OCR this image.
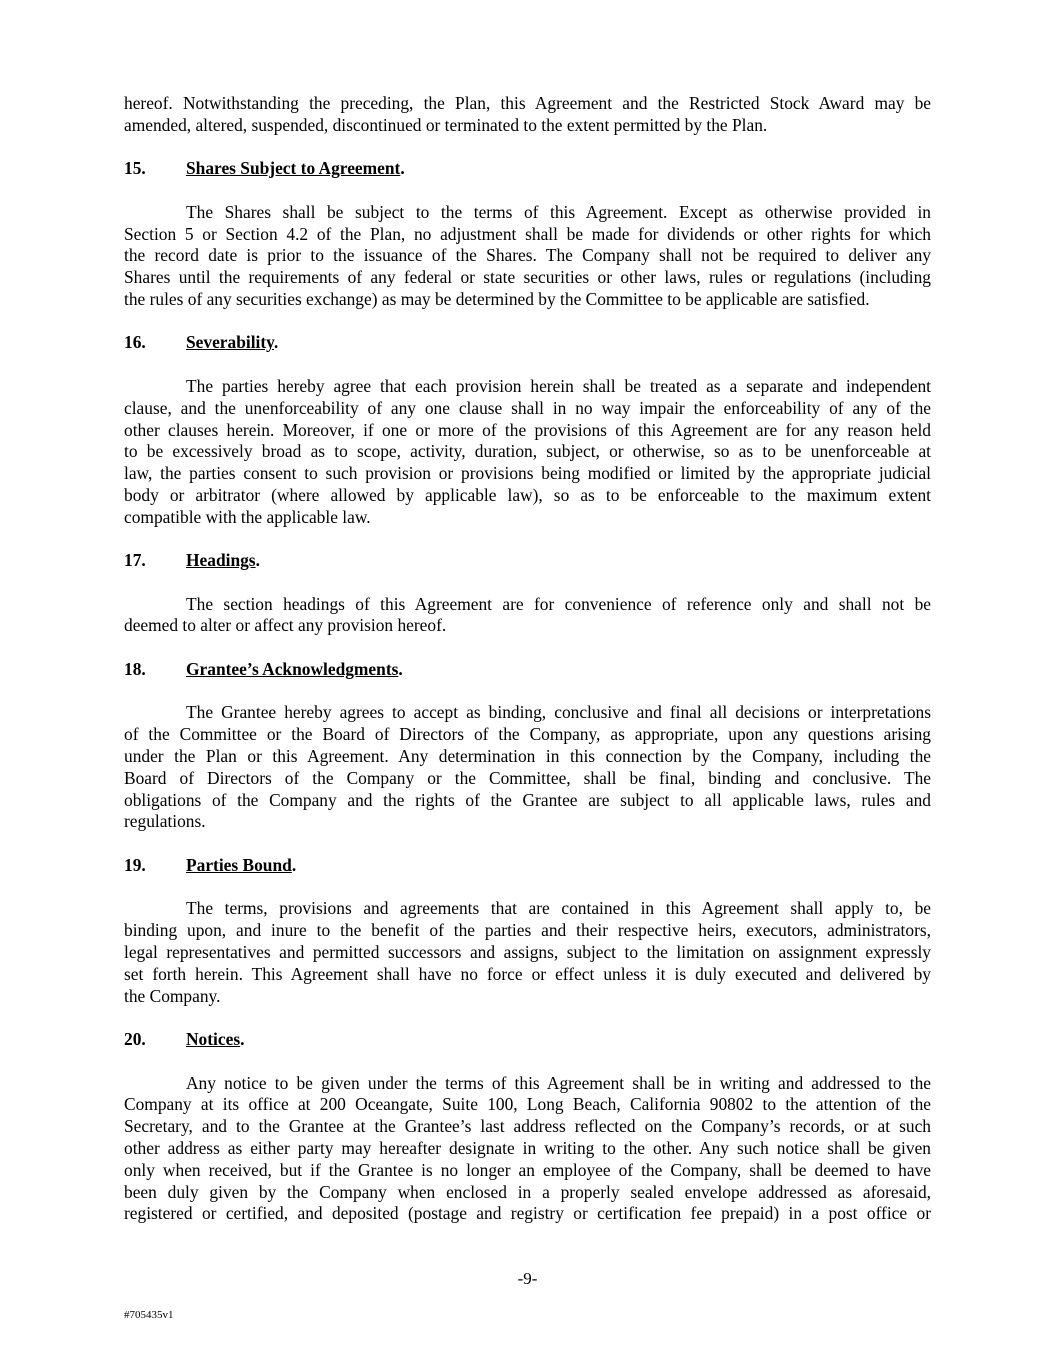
hereof. Notwithstanding the preceding, the Plan, this Agreement and the Restricted Stock Award may be
amended, altered, suspended, discontinued or terminated to the extent permitted by the Plan.
15.	Shares Subject to Agreement.
The Shares shall be subject to the terms of this Agreement. Except as otherwise provided in
Section 5 or Section 4.2 of the Plan, no adjustment shall be made for dividends or other rights for which
the record date is prior to the issuance of the Shares. The Company shall not be required to deliver any
Shares until the requirements of any federal or state securities or other laws, rules or regulations (including
the rules of any securities exchange) as may be determined by the Committee to be applicable are satisfied.
16.	Severability.
The parties hereby agree that each provision herein shall be treated as a separate and independent
clause, and the unenforceability of any one clause shall in no way impair the enforceability of any of the
other clauses herein. Moreover, if one or more of the provisions of this Agreement are for any reason held
to be excessively broad as to scope, activity, duration, subject, or otherwise, so as to be unenforceable at
law, the parties consent to such provision or provisions being modified or limited by the appropriate judicial
body or arbitrator (where allowed by applicable law), so as to be enforceable to the maximum extent
compatible with the applicable law.
17.	Headings.
The section headings of this Agreement are for convenience of reference only and shall not be
deemed to alter or affect any provision hereof.
18.	Grantee’s Acknowledgments.
The Grantee hereby agrees to accept as binding, conclusive and final all decisions or interpretations
of the Committee or the Board of Directors of the Company, as appropriate, upon any questions arising
under the Plan or this Agreement. Any determination in this connection by the Company, including the
Board of Directors of the Company or the Committee, shall be final, binding and conclusive. The
obligations of the Company and the rights of the Grantee are subject to all applicable laws, rules and
regulations.
19.	Parties Bound.
The terms, provisions and agreements that are contained in this Agreement shall apply to, be
binding upon, and inure to the benefit of the parties and their respective heirs, executors, administrators,
legal representatives and permitted successors and assigns, subject to the limitation on assignment expressly
set forth herein. This Agreement shall have no force or effect unless it is duly executed and delivered by
the Company.
20.	Notices.
Any notice to be given under the terms of this Agreement shall be in writing and addressed to the
Company at its office at 200 Oceangate, Suite 100, Long Beach, California 90802 to the attention of the
Secretary, and to the Grantee at the Grantee’s last address reflected on the Company’s records, or at such
other address as either party may hereafter designate in writing to the other. Any such notice shall be given
only when received, but if the Grantee is no longer an employee of the Company, shall be deemed to have
been duly given by the Company when enclosed in a properly sealed envelope addressed as aforesaid,
registered or certified, and deposited (postage and registry or certification fee prepaid) in a post office or
-9-
#705435v1
